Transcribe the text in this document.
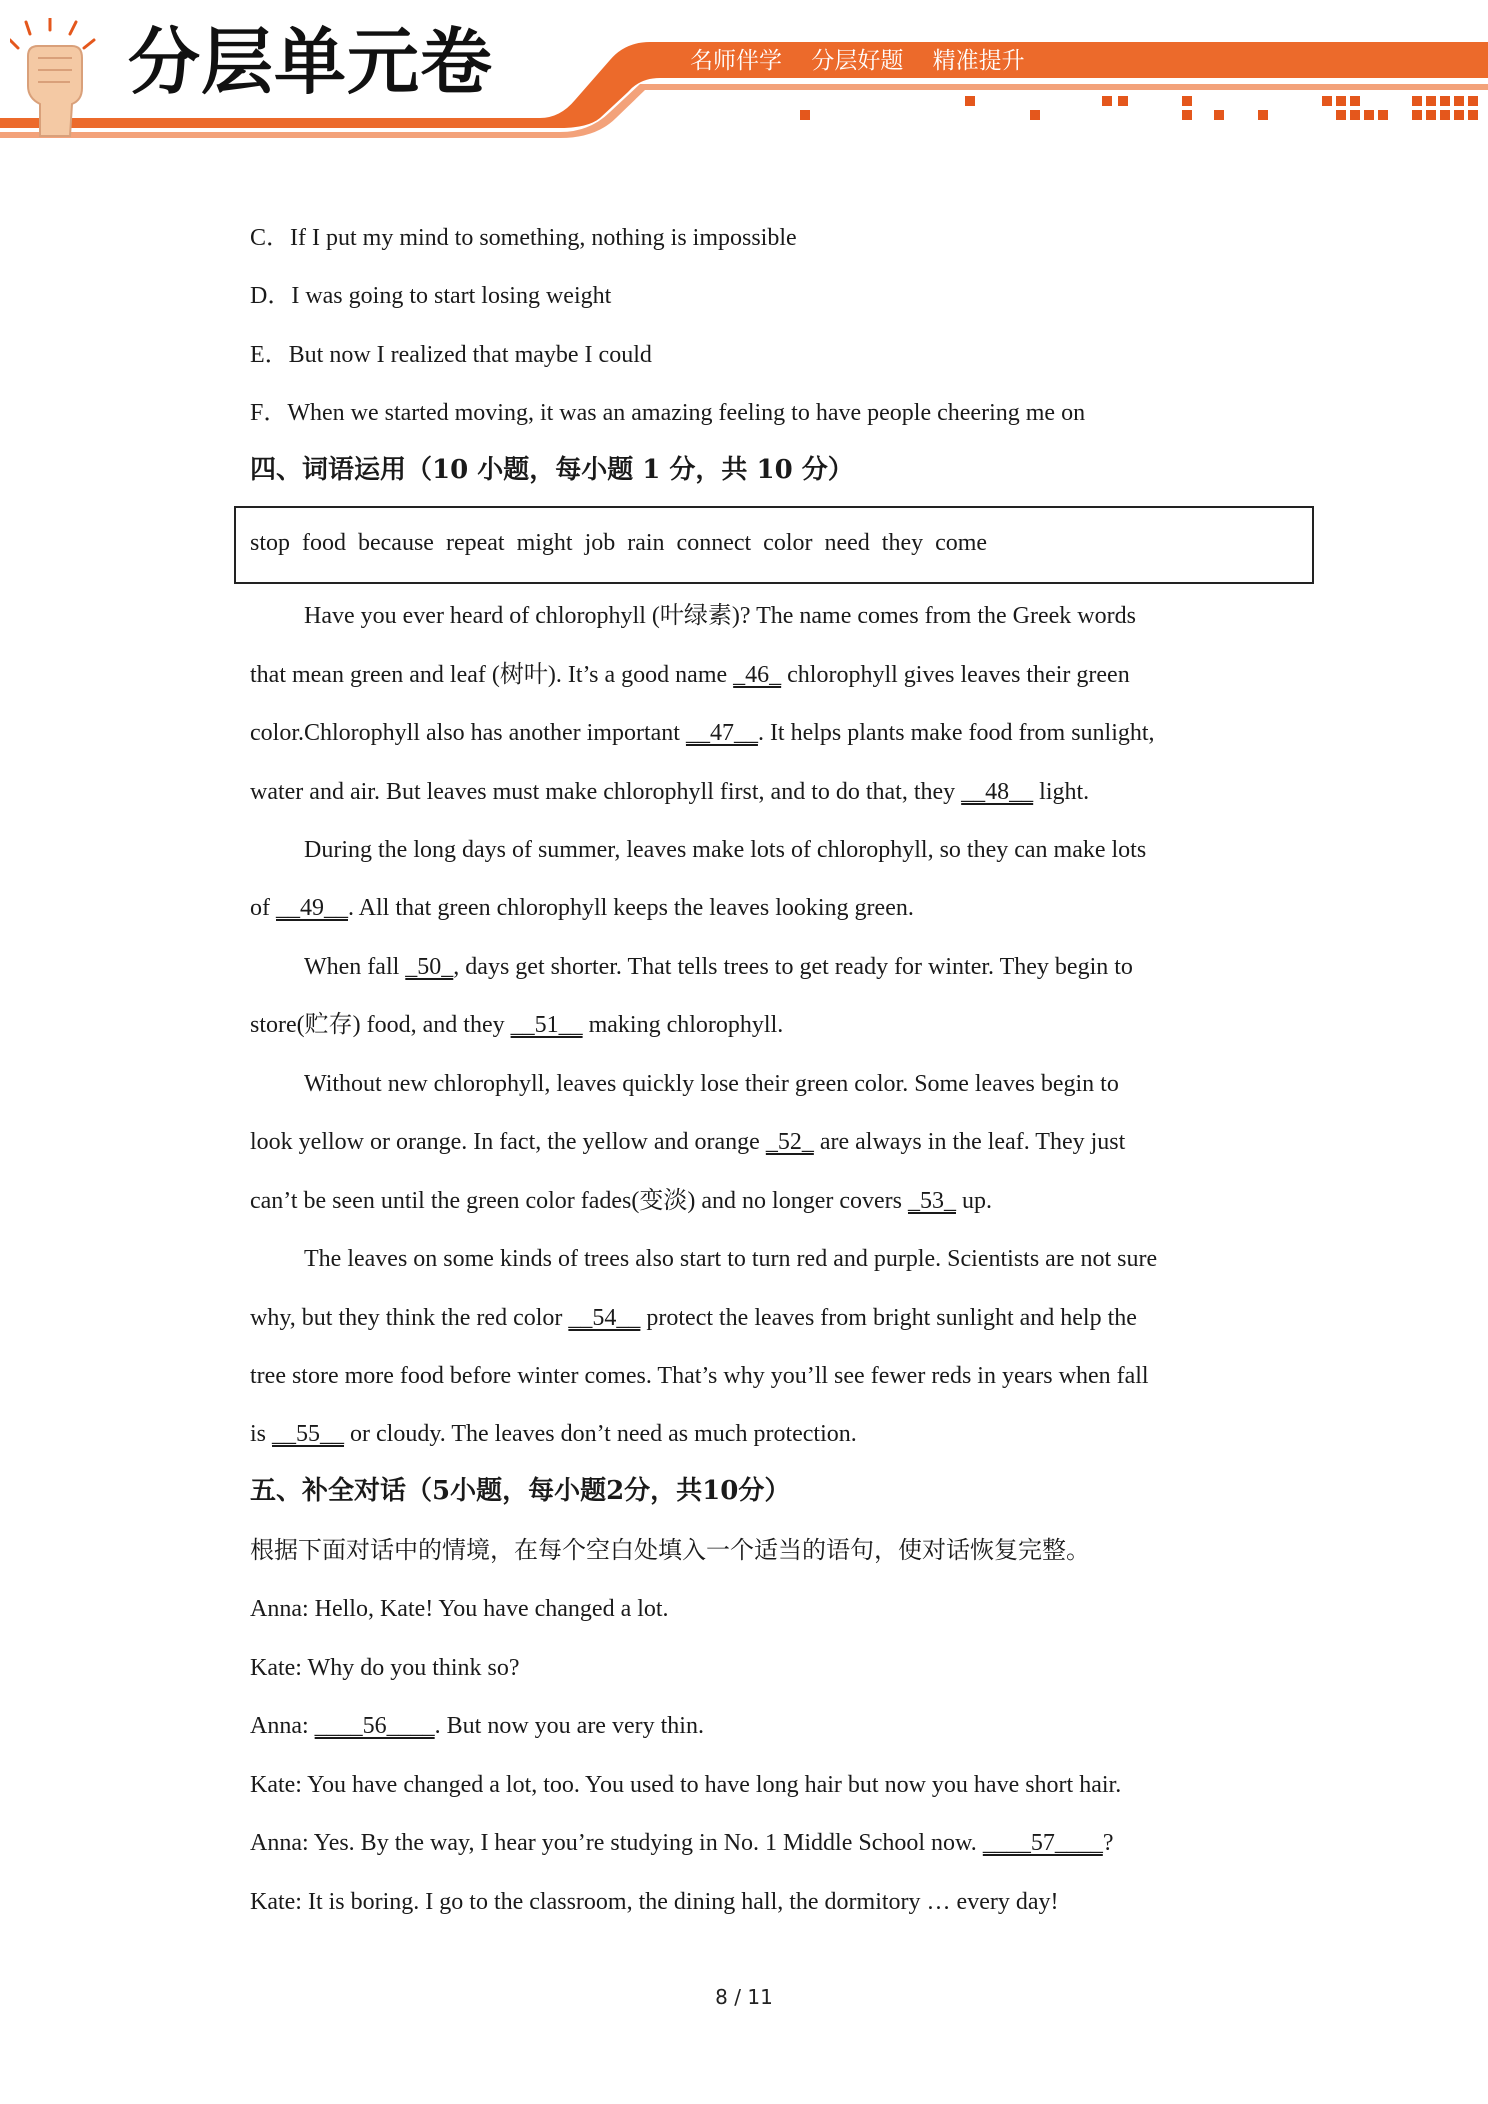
分层单元卷	名师伴学 分层好题 精准提升
C．If I put my mind to something, nothing is impossible
D．I was going to start losing weight
E．But now I realized that maybe I could
F．When we started moving, it was an amazing feeling to have people cheering me on
四、词语运用（10 小题，每小题 1 分，共 10 分）
stop food because repeat might job rain connect color need they come
Have you ever heard of chlorophyll (叶绿素)? The name comes from the Greek words
that mean green and leaf (树叶). It’s a good name _46_ chlorophyll gives leaves their green
color.Chlorophyll also has another important __47__. It helps plants make food from sunlight,
water and air. But leaves must make chlorophyll first, and to do that, they __48__ light.
During the long days of summer, leaves make lots of chlorophyll, so they can make lots
of __49__. All that green chlorophyll keeps the leaves looking green.
When fall _50_, days get shorter. That tells trees to get ready for winter. They begin to
store(贮存) food, and they __51__ making chlorophyll.
Without new chlorophyll, leaves quickly lose their green color. Some leaves begin to
look yellow or orange. In fact, the yellow and orange _52_ are always in the leaf. They just
can’t be seen until the green color fades(变淡) and no longer covers _53_ up.
The leaves on some kinds of trees also start to turn red and purple. Scientists are not sure
why, but they think the red color __54__ protect the leaves from bright sunlight and help the
tree store more food before winter comes. That’s why you’ll see fewer reds in years when fall
is __55__ or cloudy. The leaves don’t need as much protection.
五、补全对话（5小题，每小题2分，共10分）
根据下面对话中的情境，在每个空白处填入一个适当的语句，使对话恢复完整。
Anna: Hello, Kate! You have changed a lot.
Kate: Why do you think so?
Anna: ____56____. But now you are very thin.
Kate: You have changed a lot, too. You used to have long hair but now you have short hair.
Anna: Yes. By the way, I hear you’re studying in No. 1 Middle School now. ____57____?
Kate: It is boring. I go to the classroom, the dining hall, the dormitory … every day!
8 / 11
